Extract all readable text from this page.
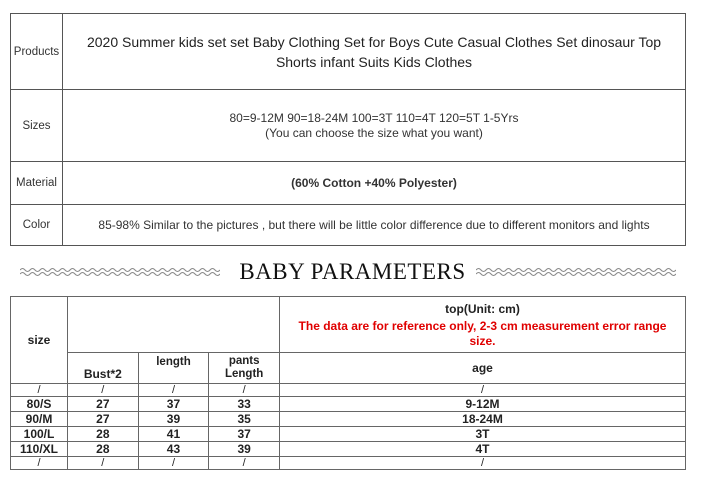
Products	2020 Summer kids set set Baby Clothing Set for Boys Cute Casual Clothes Set dinosaur Top Shorts infant Suits Kids Clothes
Sizes	80=9-12M 90=18-24M 100=3T 110=4T 120=5T 1-5Yrs
(You can choose the size what you want)

Material	(60% Cotton +40% Polyester)
Color	85-98% Similar to the pictures , but there will be little color difference due to different monitors and lights
BABY PARAMETERS
size				top(Unit: cm)
The data are for reference only, 2-3 cm measurement error range size.

	Bust*2	length	pants Length	age
/	/	/	/	/
80/S	27	37	33	9-12M
90/M	27	39	35	18-24M
100/L	28	41	37	3T
110/XL	28	43	39	4T
/	/	/	/	/
